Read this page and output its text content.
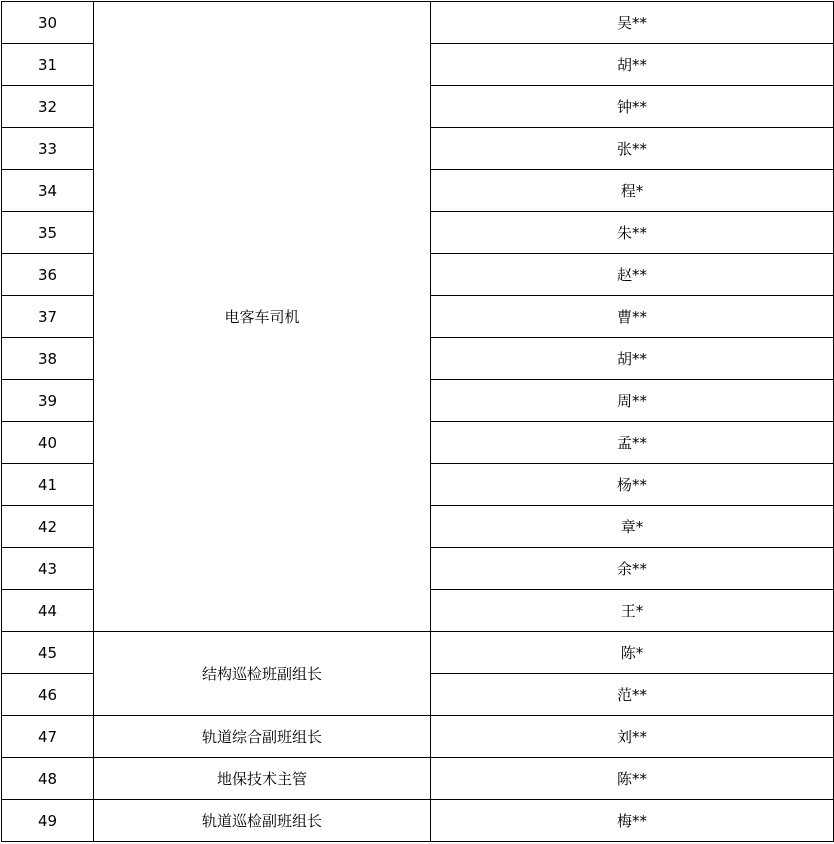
30	电客车司机	吴**
31		胡**
32		钟**
33		张**
34		程*
35		朱**
36		赵**
37		曹**
38		胡**
39		周**
40		孟**
41		杨**
42		章*
43		余**
44		王*
45	结构巡检班副组长	陈*
46		范**
47	轨道综合副班组长	刘**
48	地保技术主管	陈**
49	轨道巡检副班组长	梅**
